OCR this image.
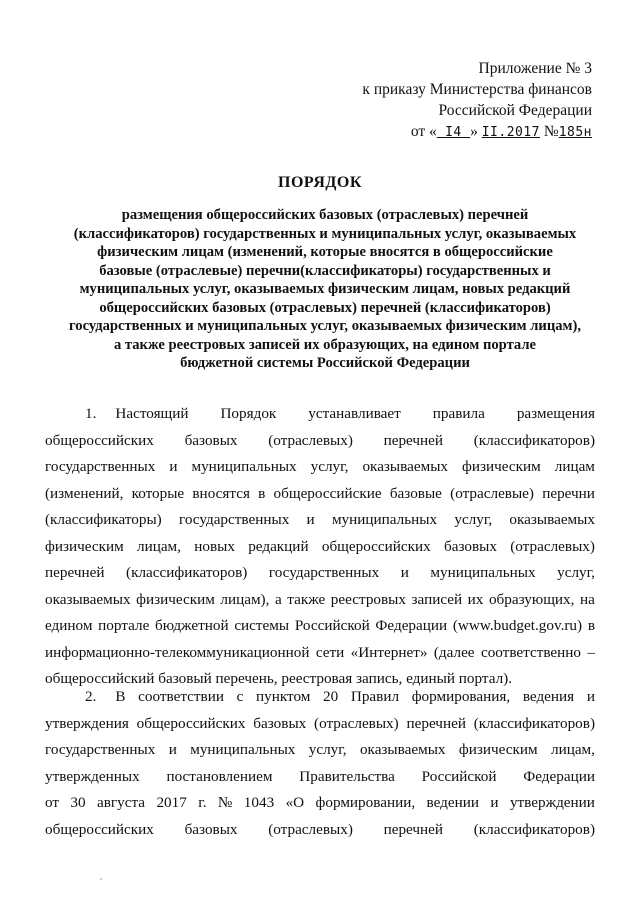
Приложение № 3
к приказу Министерства финансов
Российской Федерации
от « I4 » II.2017 №185н
ПОРЯДОК
размещения общероссийских базовых (отраслевых) перечней
(классификаторов) государственных и муниципальных услуг, оказываемых
физическим лицам (изменений, которые вносятся в общероссийские
базовые (отраслевые) перечни(классификаторы) государственных и
муниципальных услуг, оказываемых физическим лицам, новых редакций
общероссийских базовых (отраслевых) перечней (классификаторов)
государственных и муниципальных услуг, оказываемых физическим лицам),
а также реестровых записей их образующих, на едином портале
бюджетной системы Российской Федерации
1.     Настоящий Порядок устанавливает правила размещения
общероссийских базовых (отраслевых) перечней (классификаторов)
государственных и муниципальных услуг, оказываемых физическим лицам
(изменений, которые вносятся в общероссийские базовые (отраслевые) перечни
(классификаторы) государственных и муниципальных услуг, оказываемых
физическим лицам, новых редакций общероссийских базовых (отраслевых)
перечней (классификаторов) государственных и муниципальных услуг,
оказываемых физическим лицам), а также реестровых записей их образующих, на
едином портале бюджетной системы Российской Федерации (www.budget.gov.ru) в
информационно-телекоммуникационной сети «Интернет» (далее соответственно –
общероссийский базовый перечень, реестровая запись, единый портал).
2.     В соответствии с пунктом 20 Правил формирования, ведения и
утверждения общероссийских базовых (отраслевых) перечней (классификаторов)
государственных и муниципальных услуг, оказываемых физическим лицам,
утвержденных постановлением Правительства Российской Федерации
от 30 августа 2017 г. № 1043 «О формировании, ведении и утверждении
общероссийских базовых (отраслевых) перечней (классификаторов)
